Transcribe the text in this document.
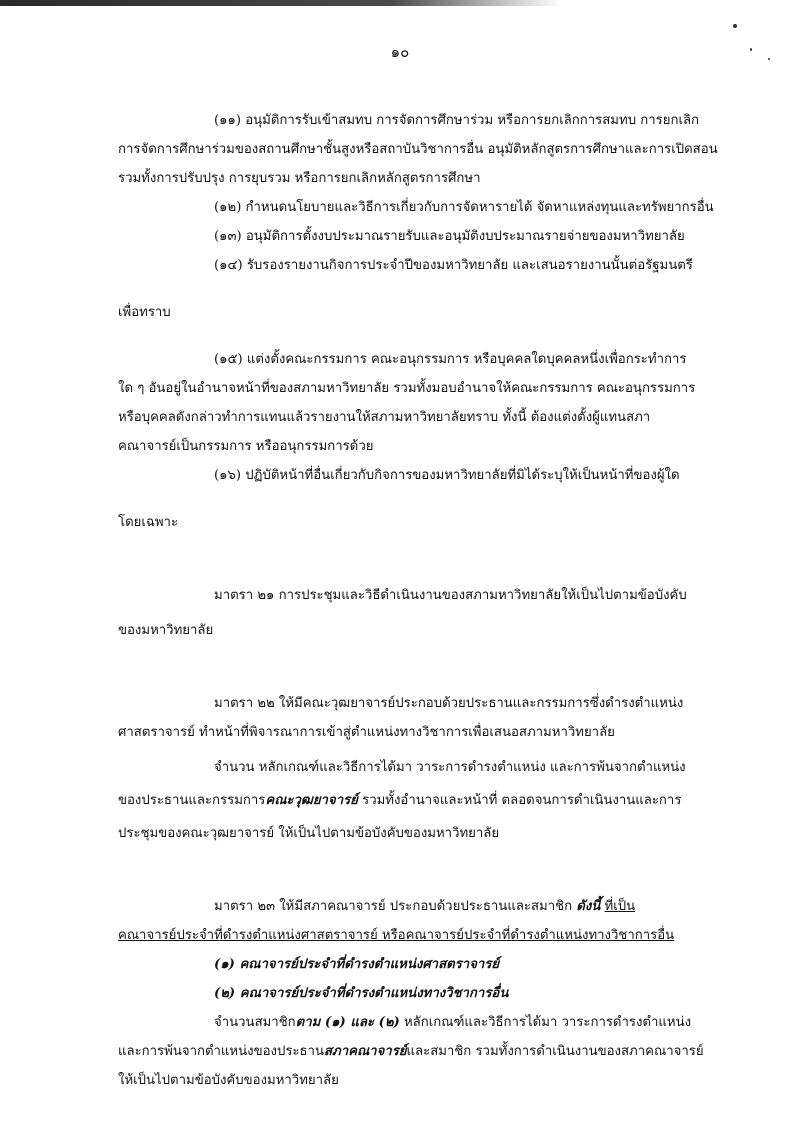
๑๐

(๑๑) อนุมัติการรับเข้าสมทบ การจัดการศึกษาร่วม หรือการยกเลิกการสมทบ การยกเลิก

การจัดการศึกษาร่วมของสถานศึกษาชั้นสูงหรือสถาบันวิชาการอื่น อนุมัติหลักสูตรการศึกษาและการเปิดสอน

รวมทั้งการปรับปรุง การยุบรวม หรือการยกเลิกหลักสูตรการศึกษา

(๑๒) กำหนดนโยบายและวิธีการเกี่ยวกับการจัดหารายได้ จัดหาแหล่งทุนและทรัพยากรอื่น

(๑๓) อนุมัติการตั้งงบประมาณรายรับและอนุมัติงบประมาณรายจ่ายของมหาวิทยาลัย

(๑๔) รับรองรายงานกิจการประจำปีของมหาวิทยาลัย และเสนอรายงานนั้นต่อรัฐมนตรี

เพื่อทราบ

(๑๕) แต่งตั้งคณะกรรมการ คณะอนุกรรมการ หรือบุคคลใดบุคคลหนึ่งเพื่อกระทำการ

ใด ๆ อันอยู่ในอำนาจหน้าที่ของสภามหาวิทยาลัย รวมทั้งมอบอำนาจให้คณะกรรมการ คณะอนุกรรมการ

หรือบุคคลดังกล่าวทำการแทนแล้วรายงานให้สภามหาวิทยาลัยทราบ ทั้งนี้ ต้องแต่งตั้งผู้แทนสภา

คณาจารย์เป็นกรรมการ หรืออนุกรรมการด้วย

(๑๖) ปฏิบัติหน้าที่อื่นเกี่ยวกับกิจการของมหาวิทยาลัยที่มิได้ระบุให้เป็นหน้าที่ของผู้ใด

โดยเฉพาะ

มาตรา ๒๑ การประชุมและวิธีดำเนินงานของสภามหาวิทยาลัยให้เป็นไปตามข้อบังคับ

ของมหาวิทยาลัย

มาตรา ๒๒ ให้มีคณะวุฒยาจารย์ประกอบด้วยประธานและกรรมการซึ่งดำรงตำแหน่ง

ศาสตราจารย์ ทำหน้าที่พิจารณาการเข้าสู่ตำแหน่งทางวิชาการเพื่อเสนอสภามหาวิทยาลัย

จำนวน หลักเกณฑ์และวิธีการได้มา วาระการดำรงตำแหน่ง และการพ้นจากตำแหน่ง

ของประธานและกรรมการคณะวุฒยาจารย์ รวมทั้งอำนาจและหน้าที่ ตลอดจนการดำเนินงานและการ

ประชุมของคณะวุฒยาจารย์ ให้เป็นไปตามข้อบังคับของมหาวิทยาลัย

มาตรา ๒๓ ให้มีสภาคณาจารย์ ประกอบด้วยประธานและสมาชิก ดังนี้ ที่เป็น

คณาจารย์ประจำที่ดำรงตำแหน่งศาสตราจารย์ หรือคณาจารย์ประจำที่ดำรงตำแหน่งทางวิชาการอื่น

(๑) คณาจารย์ประจำที่ดำรงตำแหน่งศาสตราจารย์

(๒) คณาจารย์ประจำที่ดำรงตำแหน่งทางวิชาการอื่น

จำนวนสมาชิกตาม (๑) และ (๒) หลักเกณฑ์และวิธีการได้มา วาระการดำรงตำแหน่ง

และการพ้นจากตำแหน่งของประธานสภาคณาจารย์และสมาชิก รวมทั้งการดำเนินงานของสภาคณาจารย์

ให้เป็นไปตามข้อบังคับของมหาวิทยาลัย
